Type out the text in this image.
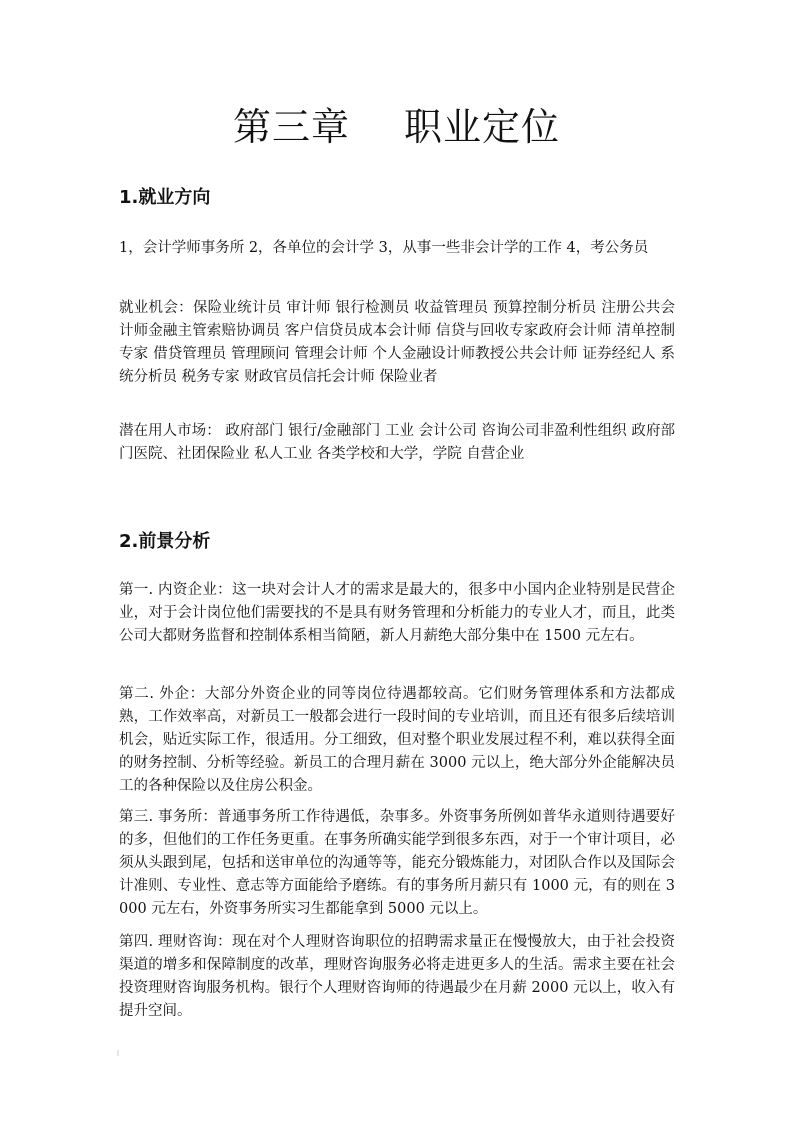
第三章 职业定位
1.就业方向

1，会计学师事务所 2，各单位的会计学 3，从事一些非会计学的工作 4，考公务员

就业机会：保险业统计员 审计师 银行检测员 收益管理员 预算控制分析员 注册公共会计师金融主管索赔协调员 客户信贷员成本会计师 信贷与回收专家政府会计师 清单控制专家 借贷管理员 管理顾问 管理会计师 个人金融设计师教授公共会计师 证券经纪人 系统分析员 税务专家 财政官员信托会计师 保险业者

潜在用人市场： 政府部门 银行/金融部门 工业 会计公司 咨询公司非盈利性组织 政府部门医院、社团保险业 私人工业 各类学校和大学，学院 自营企业

2.前景分析

第一. 内资企业：这一块对会计人才的需求是最大的，很多中小国内企业特别是民营企业，对于会计岗位他们需要找的不是具有财务管理和分析能力的专业人才，而且，此类公司大都财务监督和控制体系相当简陋，新人月薪绝大部分集中在 1500 元左右。

第二. 外企：大部分外资企业的同等岗位待遇都较高。它们财务管理体系和方法都成熟，工作效率高，对新员工一般都会进行一段时间的专业培训，而且还有很多后续培训机会，贴近实际工作，很适用。分工细致，但对整个职业发展过程不利，难以获得全面的财务控制、分析等经验。新员工的合理月薪在 3000 元以上，绝大部分外企能解决员工的各种保险以及住房公积金。

第三. 事务所：普通事务所工作待遇低，杂事多。外资事务所例如普华永道则待遇要好的多，但他们的工作任务更重。在事务所确实能学到很多东西，对于一个审计项目，必须从头跟到尾，包括和送审单位的沟通等等，能充分锻炼能力，对团队合作以及国际会计准则、专业性、意志等方面能给予磨练。有的事务所月薪只有 1000 元，有的则在 3000 元左右，外资事务所实习生都能拿到 5000 元以上。

第四. 理财咨询：现在对个人理财咨询职位的招聘需求量正在慢慢放大，由于社会投资渠道的增多和保障制度的改革，理财咨询服务必将走进更多人的生活。需求主要在社会投资理财咨询服务机构。银行个人理财咨询师的待遇最少在月薪 2000 元以上，收入有提升空间。
